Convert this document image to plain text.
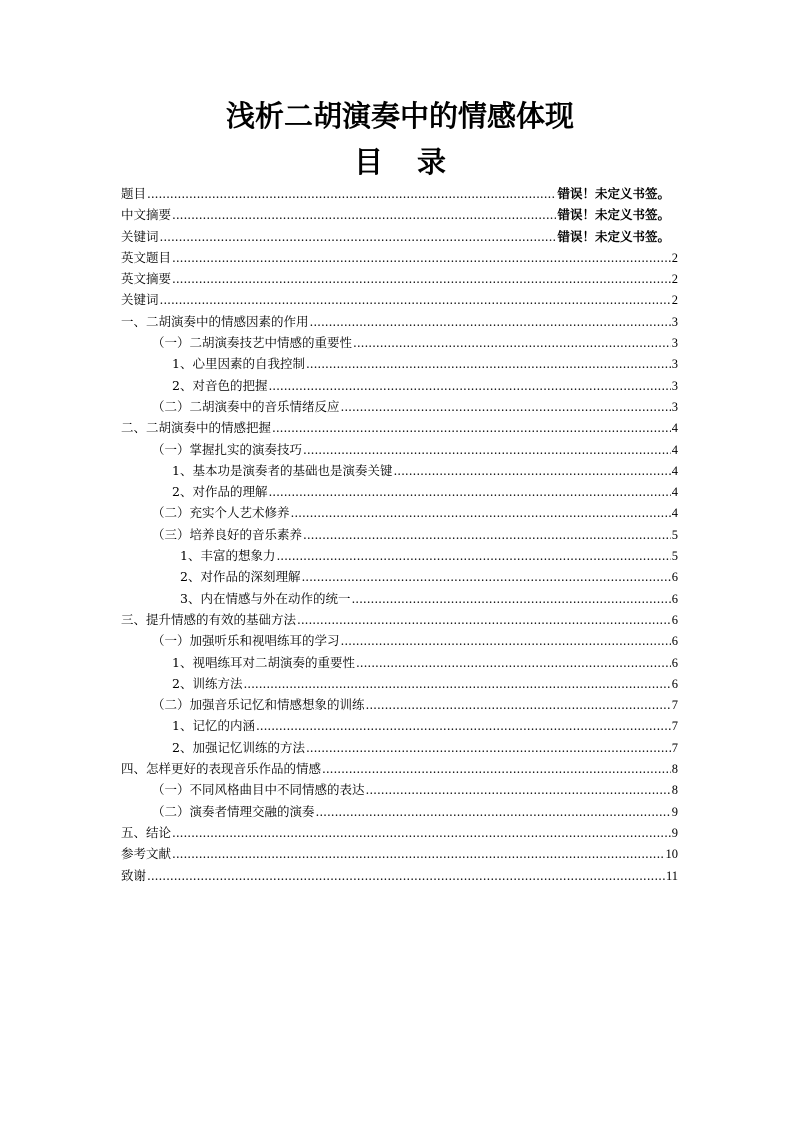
浅析二胡演奏中的情感体现
目录
题目 .....	错误！未定义书签。
中文摘要 .....	错误！未定义书签。
关键词 .....	错误！未定义书签。
英文题目 .....	2
英文摘要 .....	2
关键词 .....	2
一、二胡演奏中的情感因素的作用 .....	3
（一）二胡演奏技艺中情感的重要性 .....	3
1、心里因素的自我控制 .....	3
2、对音色的把握 .....	3
（二）二胡演奏中的音乐情绪反应 .....	3
二、二胡演奏中的情感把握 .....	4
（一）掌握扎实的演奏技巧 .....	4
1、基本功是演奏者的基础也是演奏关键 .....	4
2、对作品的理解 .....	4
（二）充实个人艺术修养 .....	4
（三）培养良好的音乐素养 .....	5
1、丰富的想象力 .....	5
2、对作品的深刻理解 .....	6
3、内在情感与外在动作的统一 .....	6
三、提升情感的有效的基础方法 .....	6
（一）加强听乐和视唱练耳的学习 .....	6
1、视唱练耳对二胡演奏的重要性 .....	6
2、训练方法 .....	6
（二）加强音乐记忆和情感想象的训练 .....	7
1、记忆的内涵 .....	7
2、加强记忆训练的方法 .....	7
四、怎样更好的表现音乐作品的情感 .....	8
（一）不同风格曲目中不同情感的表达 .....	8
（二）演奏者情理交融的演奏 .....	9
五、结论 .....	9
参考文献 .....	10
致谢 .....	11
